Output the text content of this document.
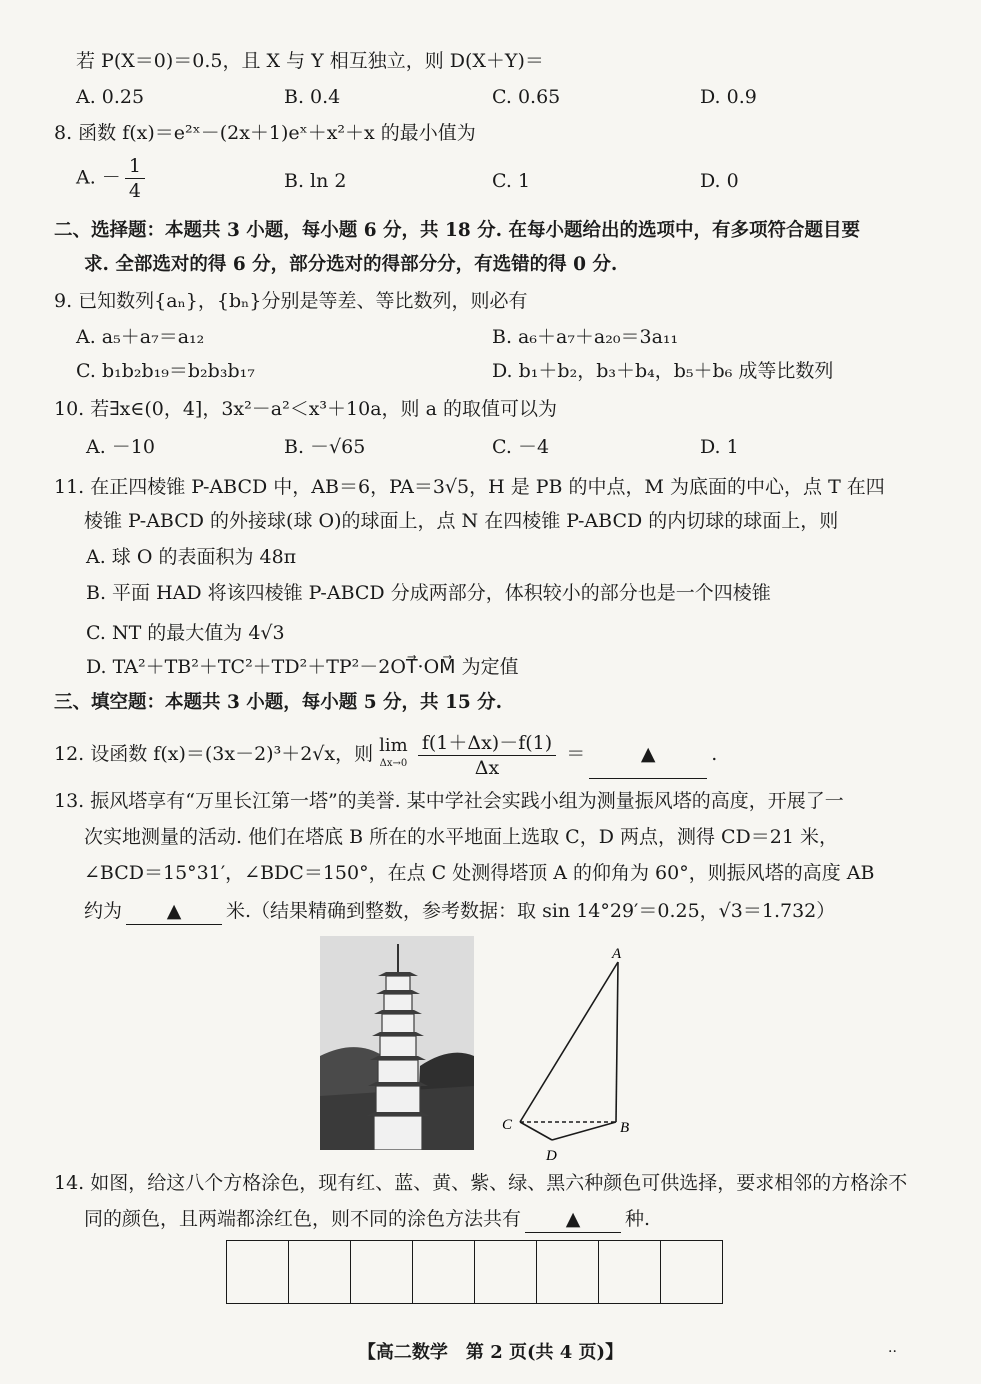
若 P(X＝0)＝0.5，且 X 与 Y 相互独立，则 D(X＋Y)＝
A. 0.25	B. 0.4	C. 0.65	D. 0.9
8. 函数 f(x)＝e²ˣ－(2x＋1)eˣ＋x²＋x 的最小值为
A. － $\frac{1}{4}$	B. ln 2	C. 1	D. 0
二、选择题：本题共 3 小题，每小题 6 分，共 18 分. 在每小题给出的选项中，有多项符合题目要
求. 全部选对的得 6 分，部分选对的得部分分，有选错的得 0 分.
9. 已知数列{aₙ}，{bₙ}分别是等差、等比数列，则必有
A. a₅＋a₇＝a₁₂	B. a₆＋a₇＋a₂₀＝3a₁₁
C. b₁b₂b₁₉＝b₂b₃b₁₇	D. b₁＋b₂，b₃＋b₄，b₅＋b₆ 成等比数列
10. 若∃x∈(0，4]，3x²－a²＜x³＋10a，则 a 的取值可以为
A. －10	B. －√65	C. －4	D. 1
11. 在正四棱锥 P-ABCD 中，AB＝6，PA＝3√5，H 是 PB 的中点，M 为底面的中心，点 T 在四
棱锥 P-ABCD 的外接球(球 O)的球面上，点 N 在四棱锥 P-ABCD 的内切球的球面上，则
A. 球 O 的表面积为 48π
B. 平面 HAD 将该四棱锥 P-ABCD 分成两部分，体积较小的部分也是一个四棱锥
C. NT 的最大值为 4√3
D. TA²＋TB²＋TC²＋TD²＋TP²－2OT⃗·OM⃗ 为定值
三、填空题：本题共 3 小题，每小题 5 分，共 15 分.
12. 设函数 f(x)＝(3x－2)³＋2√x，则 lim
Δx→0
$\frac{f(1+\Delta x)-f(1)}{\Delta x}$ ＝	▲	.
13. 振风塔享有“万里长江第一塔”的美誉. 某中学社会实践小组为测量振风塔的高度，开展了一
次实地测量的活动. 他们在塔底 B 所在的水平地面上选取 C，D 两点，测得 CD＝21 米，
∠BCD＝15°31′，∠BDC＝150°，在点 C 处测得塔顶 A 的仰角为 60°，则振风塔的高度 AB
约为 ▲ 米.（结果精确到整数，参考数据：取 sin 14°29′＝0.25，√3＝1.732）
A
B
C
D
14. 如图，给这八个方格涂色，现有红、蓝、黄、紫、绿、黑六种颜色可供选择，要求相邻的方格涂不
同的颜色，且两端都涂红色，则不同的涂色方法共有 ▲ 种.
【高二数学　第 2 页(共 4 页)】	··
